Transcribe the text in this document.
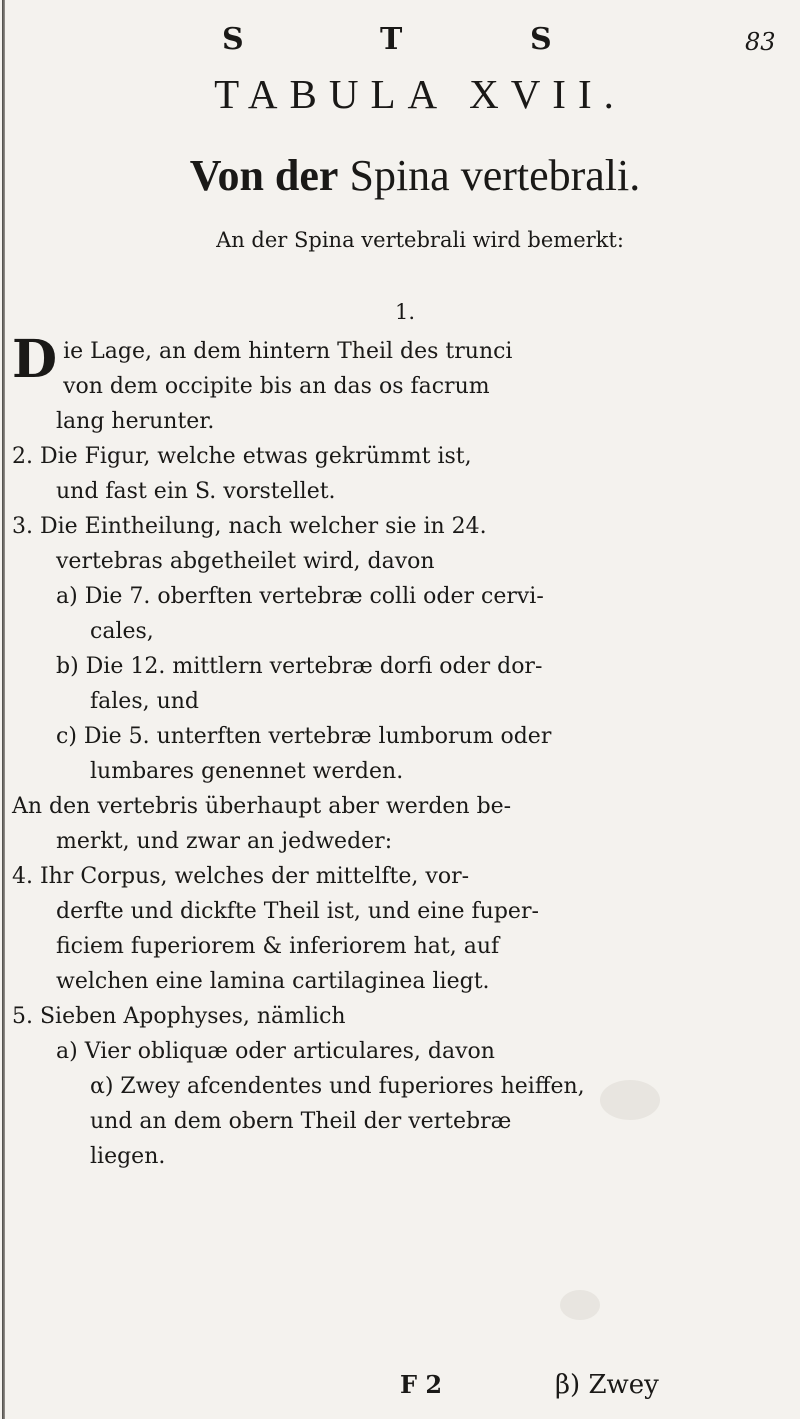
S	T	S	83
TABULA XVII.
Von der Spina vertebrali.
An der Spina vertebrali wird bemerkt:
1.
D ie Lage, an dem hintern Theil des trunci
von dem occipite bis an das os facrum
lang herunter.
2. Die Figur, welche etwas gekrümmt ist,
und fast ein S. vorstellet.
3. Die Eintheilung, nach welcher sie in 24.
vertebras abgetheilet wird, davon
a) Die 7. oberften vertebræ colli oder cervi-
cales,
b) Die 12. mittlern vertebræ dorfi oder dor-
fales, und
c) Die 5. unterften vertebræ lumborum oder
lumbares genennet werden.
An den vertebris überhaupt aber werden be-
merkt, und zwar an jedweder:
4. Ihr Corpus, welches der mittelfte, vor-
derfte und dickfte Theil ist, und eine fuper-
ficiem fuperiorem & inferiorem hat, auf
welchen eine lamina cartilaginea liegt.
5. Sieben Apophyses, nämlich
a) Vier obliquæ oder articulares, davon
α) Zwey afcendentes und fuperiores heiffen,
und an dem obern Theil der vertebræ
liegen.
F 2	β) Zwey
